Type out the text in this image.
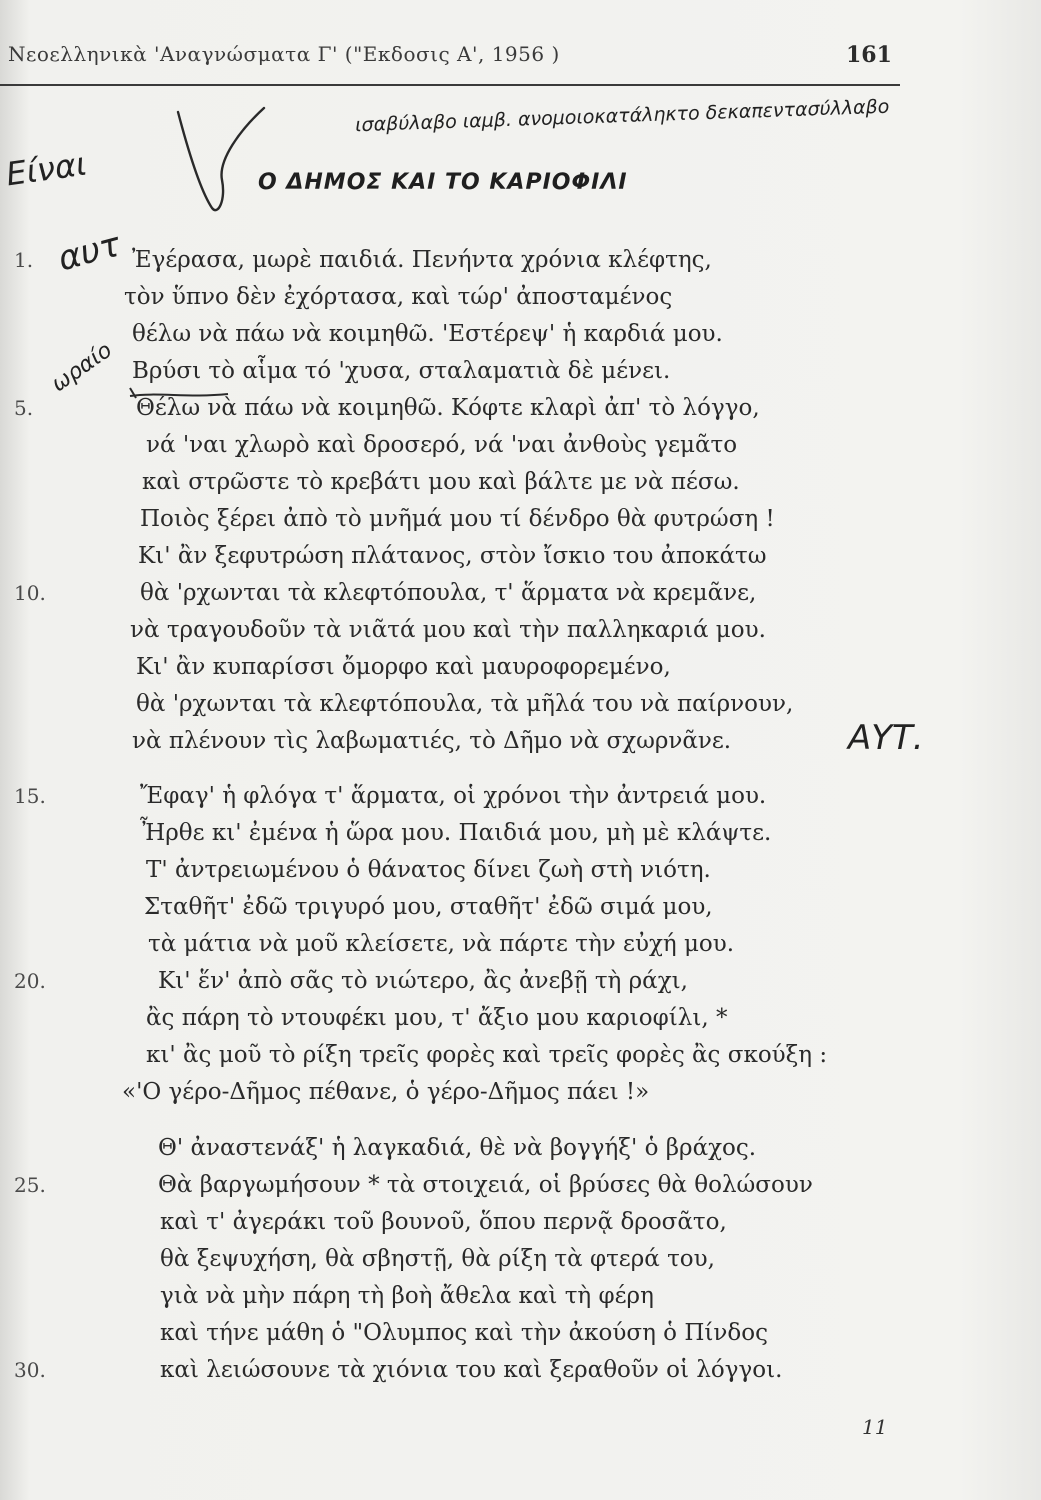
Νεοελληνικὰ 'Αναγνώσματα Γ' ("Εκδοσις Α', 1956 )	161
ισαβύλαβο ιαμβ. ανομοιοκατάληκτο δεκαπεντασύλλαβο
Είναι
αυτ
ωραίο
ΑΥΤ.
Ο ΔΗΜΟΣ ΚΑΙ ΤΟ ΚΑΡΙΟΦΙΛΙ
1.	Ἐγέρασα, μωρὲ παιδιά. Πενήντα χρόνια κλέφτης,
τὸν ὕπνο δὲν ἐχόρτασα, καὶ τώρ' ἀποσταμένος
θέλω νὰ πάω νὰ κοιμηθῶ. 'Εστέρεψ' ἡ καρδιά μου.
Βρύσι τὸ αἷμα τό 'χυσα, σταλαματιὰ δὲ μένει.
5.	Θέλω νὰ πάω νὰ κοιμηθῶ. Κόφτε κλαρὶ ἀπ' τὸ λόγγο,
νά 'ναι χλωρὸ καὶ δροσερό, νά 'ναι ἀνθοὺς γεμᾶτο
καὶ στρῶστε τὸ κρεβάτι μου καὶ βάλτε με νὰ πέσω.
Ποιὸς ξέρει ἀπὸ τὸ μνῆμά μου τί δένδρο θὰ φυτρώση !
Κι' ἂν ξεφυτρώση πλάτανος, στὸν ἴσκιο του ἀποκάτω
10.	θὰ 'ρχωνται τὰ κλεφτόπουλα, τ' ἅρματα νὰ κρεμᾶνε,
νὰ τραγουδοῦν τὰ νιᾶτά μου καὶ τὴν παλληκαριά μου.
Κι' ἂν κυπαρίσσι ὄμορφο καὶ μαυροφορεμένο,
θὰ 'ρχωνται τὰ κλεφτόπουλα, τὰ μῆλά του νὰ παίρνουν,
νὰ πλένουν τὶς λαβωματιές, τὸ Δῆμο νὰ σχωρνᾶνε.
15.	Ἔφαγ' ἡ φλόγα τ' ἅρματα, οἱ χρόνοι τὴν ἀντρειά μου.
Ἦρθε κι' ἐμένα ἡ ὥρα μου. Παιδιά μου, μὴ μὲ κλάψτε.
Τ' ἀντρειωμένου ὁ θάνατος δίνει ζωὴ στὴ νιότη.
Σταθῆτ' ἐδῶ τριγυρό μου, σταθῆτ' ἐδῶ σιμά μου,
τὰ μάτια νὰ μοῦ κλείσετε, νὰ πάρτε τὴν εὐχή μου.
20.	Κι' ἕν' ἀπὸ σᾶς τὸ νιώτερο, ἂς ἀνεβῇ τὴ ράχι,
ἂς πάρη τὸ ντουφέκι μου, τ' ἄξιο μου καριοφίλι, *
κι' ἂς μοῦ τὸ ρίξη τρεῖς φορὲς καὶ τρεῖς φορὲς ἂς σκούξη :
«'Ο γέρο-Δῆμος πέθανε, ὁ γέρο-Δῆμος πάει !»
Θ' ἀναστενάξ' ἡ λαγκαδιά, θὲ νὰ βογγήξ' ὁ βράχος.
25.	Θὰ βαργωμήσουν * τὰ στοιχειά, οἱ βρύσες θὰ θολώσουν
καὶ τ' ἀγεράκι τοῦ βουνοῦ, ὅπου περνᾷ δροσᾶτο,
θὰ ξεψυχήση, θὰ σβηστῇ, θὰ ρίξη τὰ φτερά του,
γιὰ νὰ μὴν πάρη τὴ βοὴ ἄθελα καὶ τὴ φέρη
καὶ τήνε μάθη ὁ "Ολυμπος καὶ τὴν ἀκούση ὁ Πίνδος
30.	καὶ λειώσουνε τὰ χιόνια του καὶ ξεραθοῦν οἱ λόγγοι.
11
